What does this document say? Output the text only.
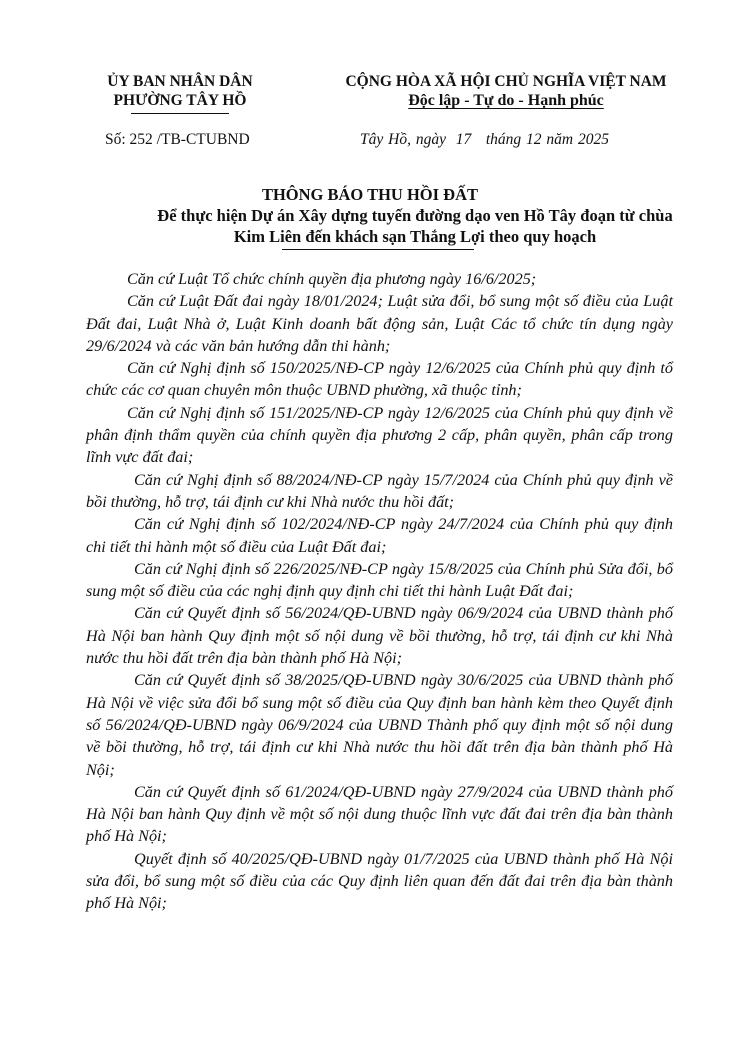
ỦY BAN NHÂN DÂN
PHƯỜNG TÂY HỒ
CỘNG HÒA XÃ HỘI CHỦ NGHĨA VIỆT NAM
Độc lập - Tự do - Hạnh phúc
Số: 252 /TB-CTUBND	Tây Hồ, ngày  17   tháng 12 năm 2025
THÔNG BÁO THU HỒI ĐẤT
Để thực hiện Dự án Xây dựng tuyến đường dạo ven Hồ Tây đoạn từ chùa Kim Liên đến khách sạn Thắng Lợi theo quy hoạch

Căn cứ Luật Tổ chức chính quyền địa phương ngày 16/6/2025;

Căn cứ Luật Đất đai ngày 18/01/2024; Luật sửa đổi, bổ sung một số điều của Luật Đất đai, Luật Nhà ở, Luật Kinh doanh bất động sản, Luật Các tổ chức tín dụng ngày 29/6/2024 và các văn bản hướng dẫn thi hành;

Căn cứ Nghị định số 150/2025/NĐ-CP ngày 12/6/2025 của Chính phủ quy định tổ chức các cơ quan chuyên môn thuộc UBND phường, xã thuộc tỉnh;

Căn cứ Nghị định số 151/2025/NĐ-CP ngày 12/6/2025 của Chính phủ quy định về phân định thẩm quyền của chính quyền địa phương 2 cấp, phân quyền, phân cấp trong lĩnh vực đất đai;

Căn cứ Nghị định số 88/2024/NĐ-CP ngày 15/7/2024 của Chính phủ quy định về bồi thường, hỗ trợ, tái định cư khi Nhà nước thu hồi đất;

Căn cứ Nghị định số 102/2024/NĐ-CP ngày 24/7/2024 của Chính phủ quy định chi tiết thi hành một số điều của Luật Đất đai;

Căn cứ Nghị định số 226/2025/NĐ-CP ngày 15/8/2025 của Chính phủ Sửa đổi, bổ sung một số điều của các nghị định quy định chi tiết thi hành Luật Đất đai;

Căn cứ Quyết định số 56/2024/QĐ-UBND ngày 06/9/2024 của UBND thành phố Hà Nội ban hành Quy định một số nội dung về bồi thường, hỗ trợ, tái định cư khi Nhà nước thu hồi đất trên địa bàn thành phố Hà Nội;

Căn cứ Quyết định số 38/2025/QĐ-UBND ngày 30/6/2025 của UBND thành phố Hà Nội về việc sửa đổi bổ sung một số điều của Quy định ban hành kèm theo Quyết định số 56/2024/QĐ-UBND ngày 06/9/2024 của UBND Thành phố quy định một số nội dung về bồi thường, hỗ trợ, tái định cư khi Nhà nước thu hồi đất trên địa bàn thành phố Hà Nội;

Căn cứ Quyết định số 61/2024/QĐ-UBND ngày 27/9/2024 của UBND thành phố Hà Nội ban hành Quy định về một số nội dung thuộc lĩnh vực đất đai trên địa bàn thành phố Hà Nội;

Quyết định số 40/2025/QĐ-UBND ngày 01/7/2025 của UBND thành phố Hà Nội sửa đổi, bổ sung một số điều của các Quy định liên quan đến đất đai trên địa bàn thành phố Hà Nội;
